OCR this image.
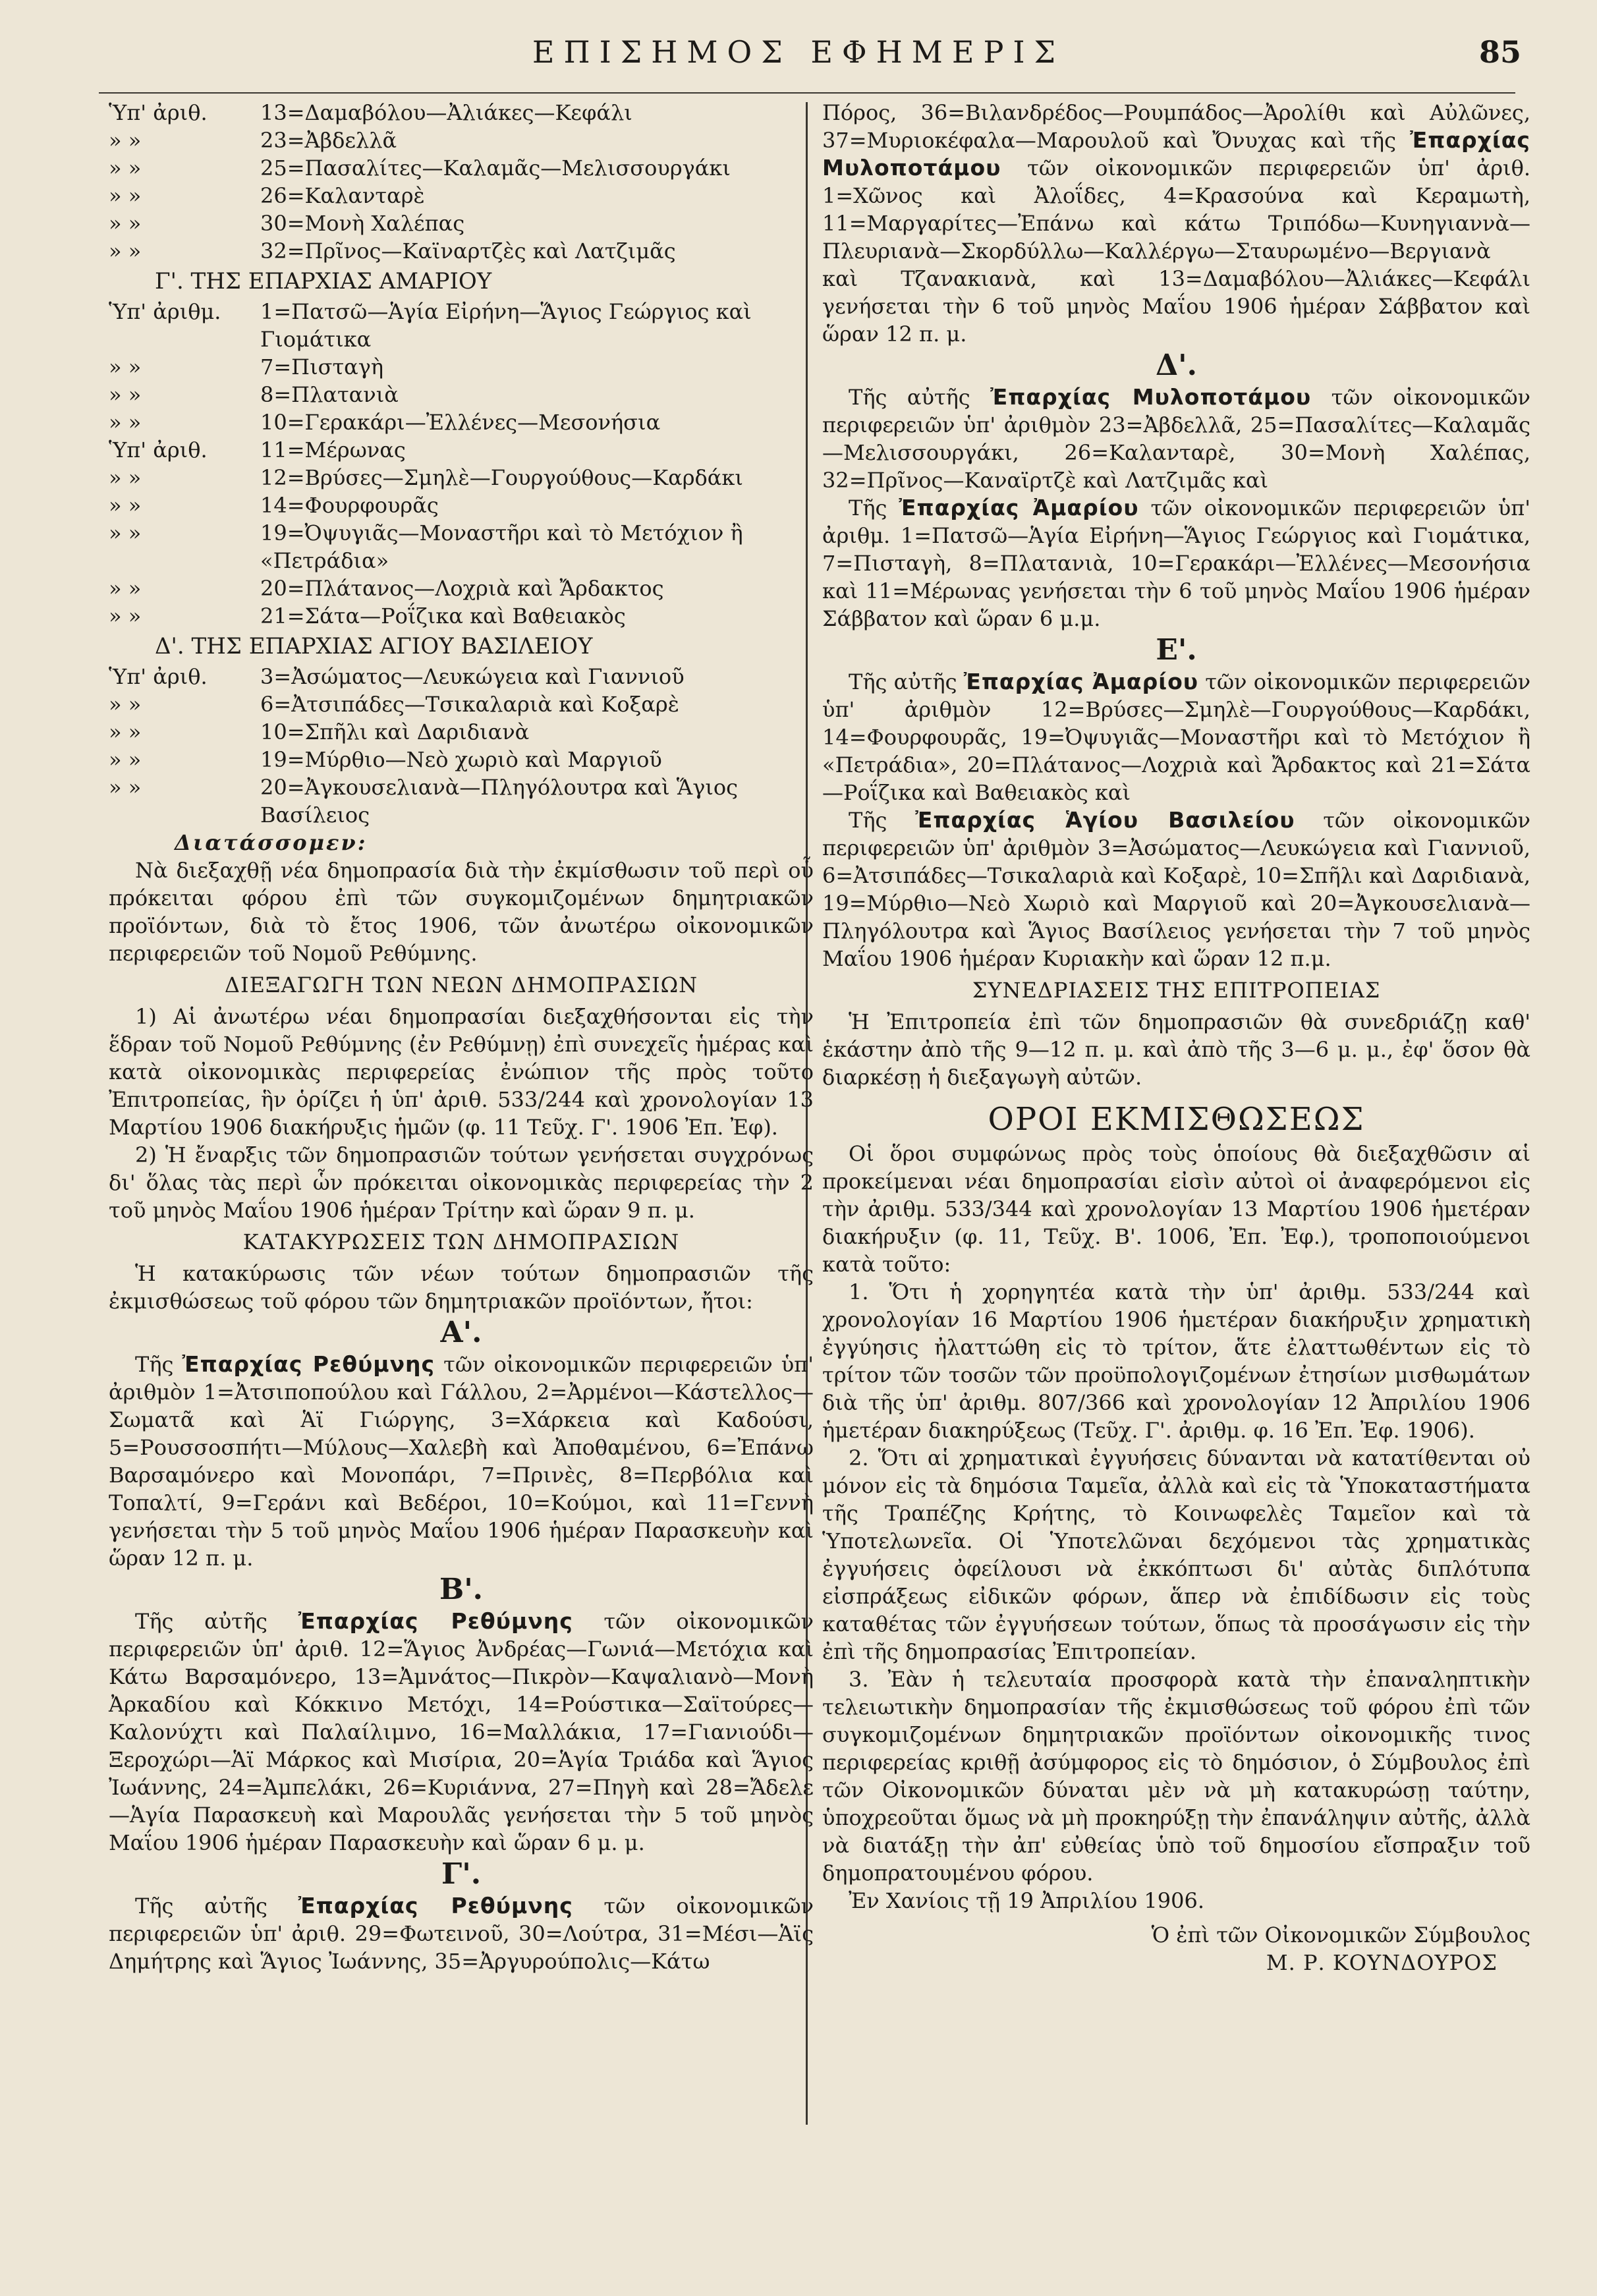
ΕΠΙΣΗΜΟΣ ΕΦΗΜΕΡΙΣ	85
Ὑπ' ἀριθ.	13=Δαμαβόλου—Ἀλιάκες—Κεφάλι
» »	23=Ἀβδελλᾶ
» »	25=Πασαλίτες—Καλαμᾶς—Μελισσουργάκι
» »	26=Καλανταρὲ
» »	30=Μονὴ Χαλέπας
» »	32=Πρῖνος—Καϊναρτζὲς καὶ Λατζιμᾶς
Γ'. ΤΗΣ ΕΠΑΡΧΙΑΣ ΑΜΑΡΙΟΥ
Ὑπ' ἀριθμ.	1=Πατσῶ—Ἁγία Εἰρήνη—Ἅγιος Γεώργιος καὶ Γιομάτικα
» »	7=Πισταγὴ
» »	8=Πλατανιὰ
» »	10=Γερακάρι—Ἐλλένες—Μεσονήσια
Ὑπ' ἀριθ.	11=Μέρωνας
» »	12=Βρύσες—Σμηλὲ—Γουργούθους—Καρδάκι
» »	14=Φουρφουρᾶς
» »	19=Ὀψυγιᾶς—Μοναστῆρι καὶ τὸ Μετόχιον ἢ «Πετράδια»
» »	20=Πλάτανος—Λοχριὰ καὶ Ἄρδακτος
» »	21=Σάτα—Ροΐζικα καὶ Βαθειακὸς
Δ'. ΤΗΣ ΕΠΑΡΧΙΑΣ ΑΓΙΟΥ ΒΑΣΙΛΕΙΟΥ
Ὑπ' ἀριθ.	3=Ἀσώματος—Λευκώγεια καὶ Γιαννιοῦ
» »	6=Ἀτσιπάδες—Τσικαλαριὰ καὶ Κοξαρὲ
» »	10=Σπῆλι καὶ Δαριδιανὰ
» »	19=Μύρθιο—Νεὸ χωριὸ καὶ Μαργιοῦ
» »	20=Ἀγκουσελιανὰ—Πληγόλουτρα καὶ Ἅγιος Βασίλειος
Διατάσσομεν:

Νὰ διεξαχθῇ νέα δημοπρασία διὰ τὴν ἐκμίσθωσιν τοῦ περὶ οὗ πρόκειται φόρου ἐπὶ τῶν συγκομιζομένων δημητριακῶν προϊόντων, διὰ τὸ ἔτος 1906, τῶν ἀνωτέρω οἰκονομικῶν περιφερειῶν τοῦ Νομοῦ Ρεθύμνης.

ΔΙΕΞΑΓΩΓΗ ΤΩΝ ΝΕΩΝ ΔΗΜΟΠΡΑΣΙΩΝ

1) Αἱ ἀνωτέρω νέαι δημοπρασίαι διεξαχθήσονται εἰς τὴν ἕδραν τοῦ Νομοῦ Ρεθύμνης (ἐν Ρεθύμνῃ) ἐπὶ συνεχεῖς ἡμέρας καὶ κατὰ οἰκονομικὰς περιφερείας ἐνώπιον τῆς πρὸς τοῦτο Ἐπιτροπείας, ἣν ὁρίζει ἡ ὑπ' ἀριθ. 533/244 καὶ χρονολογίαν 13 Μαρτίου 1906 διακήρυξις ἡμῶν (φ. 11 Τεῦχ. Γ'. 1906 Ἐπ. Ἐφ).

2) Ἡ ἔναρξις τῶν δημοπρασιῶν τούτων γενήσεται συγχρόνως δι' ὅλας τὰς περὶ ὧν πρόκειται οἰκονομικὰς περιφερείας τὴν 2 τοῦ μηνὸς Μαΐου 1906 ἡμέραν Τρίτην καὶ ὥραν 9 π. μ.

ΚΑΤΑΚΥΡΩΣΕΙΣ ΤΩΝ ΔΗΜΟΠΡΑΣΙΩΝ

Ἡ κατακύρωσις τῶν νέων τούτων δημοπρασιῶν τῆς ἐκμισθώσεως τοῦ φόρου τῶν δημητριακῶν προϊόντων, ἤτοι:

Α'.

Τῆς Ἐπαρχίας Ρεθύμνης τῶν οἰκονομικῶν περιφερειῶν ὑπ' ἀριθμὸν 1=Ἀτσιποπούλου καὶ Γάλλου, 2=Ἀρμένοι—Κάστελλος—Σωματᾶ καὶ Ἁϊ Γιώργης, 3=Χάρκεια καὶ Καδούσι, 5=Ρουσσοσπήτι—Μύλους—Χαλεβὴ καὶ Ἀποθαμένου, 6=Ἐπάνω Βαρσαμόνερο καὶ Μονοπάρι, 7=Πρινὲς, 8=Περβόλια καὶ Τοπαλτί, 9=Γεράνι καὶ Βεδέροι, 10=Κούμοι, καὶ 11=Γεννὴ γενήσεται τὴν 5 τοῦ μηνὸς Μαΐου 1906 ἡμέραν Παρασκευὴν καὶ ὥραν 12 π. μ.

Β'.

Τῆς αὐτῆς Ἐπαρχίας Ρεθύμνης τῶν οἰκονομικῶν περιφερειῶν ὑπ' ἀριθ. 12=Ἅγιος Ἀνδρέας—Γωνιά—Μετόχια καὶ Κάτω Βαρσαμόνερο, 13=Ἀμνάτος—Πικρὸν—Καψαλιανὸ—Μονὴ Ἀρκαδίου καὶ Κόκκινο Μετόχι, 14=Ρούστικα—Σαϊτούρες—Καλονύχτι καὶ Παλαίλιμνο, 16=Μαλλάκια, 17=Γιανιούδι—Ξεροχώρι—Ἁϊ Μάρκος καὶ Μισίρια, 20=Ἁγία Τριάδα καὶ Ἅγιος Ἰωάννης, 24=Ἀμπελάκι, 26=Κυριάννα, 27=Πηγὴ καὶ 28=Ἄδελε—Ἁγία Παρασκευὴ καὶ Μαρουλᾶς γενήσεται τὴν 5 τοῦ μηνὸς Μαΐου 1906 ἡμέραν Παρασκευὴν καὶ ὥραν 6 μ. μ.

Γ'.

Τῆς αὐτῆς Ἐπαρχίας Ρεθύμνης τῶν οἰκονομικῶν περιφερειῶν ὑπ' ἀριθ. 29=Φωτεινοῦ, 30=Λούτρα, 31=Μέσι—Ἁϊς Δημήτρης καὶ Ἅγιος Ἰωάννης, 35=Ἀργυρούπολις—Κάτω

Πόρος, 36=Βιλανδρέδος—Ρουμπάδος—Ἀρολίθι καὶ Αὐλῶνες, 37=Μυριοκέφαλα—Μαρουλοῦ καὶ Ὄνυχας καὶ τῆς Ἐπαρχίας Μυλοποτάμου τῶν οἰκονομικῶν περιφερειῶν ὑπ' ἀριθ. 1=Χῶνος καὶ Ἀλοΐδες, 4=Κρασούνα καὶ Κεραμωτὴ, 11=Μαργαρίτες—Ἐπάνω καὶ κάτω Τριπόδω—Κυνηγιαννὰ—Πλευριανὰ—Σκορδύλλω—Καλλέργω—Σταυρωμένο—Βεργιανὰ καὶ Τζανακιανὰ, καὶ 13=Δαμαβόλου—Ἀλιάκες—Κεφάλι γενήσεται τὴν 6 τοῦ μηνὸς Μαΐου 1906 ἡμέραν Σάββατον καὶ ὥραν 12 π. μ.

Δ'.

Τῆς αὐτῆς Ἐπαρχίας Μυλοποτάμου τῶν οἰκονομικῶν περιφερειῶν ὑπ' ἀριθμὸν 23=Ἀβδελλᾶ, 25=Πασαλίτες—Καλαμᾶς—Μελισσουργάκι, 26=Καλανταρὲ, 30=Μονὴ Χαλέπας, 32=Πρῖνος—Καναϊρτζὲ καὶ Λατζιμᾶς καὶ

Τῆς Ἐπαρχίας Ἀμαρίου τῶν οἰκονομικῶν περιφερειῶν ὑπ' ἀριθμ. 1=Πατσῶ—Ἁγία Εἰρήνη—Ἅγιος Γεώργιος καὶ Γιομάτικα, 7=Πισταγὴ, 8=Πλατανιὰ, 10=Γερακάρι—Ἐλλένες—Μεσονήσια καὶ 11=Μέρωνας γενήσεται τὴν 6 τοῦ μηνὸς Μαΐου 1906 ἡμέραν Σάββατον καὶ ὥραν 6 μ.μ.

Ε'.

Τῆς αὐτῆς Ἐπαρχίας Ἀμαρίου τῶν οἰκονομικῶν περιφερειῶν ὑπ' ἀριθμὸν 12=Βρύσες—Σμηλὲ—Γουργούθους—Καρδάκι, 14=Φουρφουρᾶς, 19=Ὀψυγιᾶς—Μοναστῆρι καὶ τὸ Μετόχιον ἢ «Πετράδια», 20=Πλάτανος—Λοχριὰ καὶ Ἄρδακτος καὶ 21=Σάτα—Ροΐζικα καὶ Βαθειακὸς καὶ

Τῆς Ἐπαρχίας Ἁγίου Βασιλείου τῶν οἰκονομικῶν περιφερειῶν ὑπ' ἀριθμὸν 3=Ἀσώματος—Λευκώγεια καὶ Γιαννιοῦ, 6=Ἀτσιπάδες—Τσικαλαριὰ καὶ Κοξαρὲ, 10=Σπῆλι καὶ Δαριδιανὰ, 19=Μύρθιο—Νεὸ Χωριὸ καὶ Μαργιοῦ καὶ 20=Ἀγκουσελιανὰ—Πληγόλουτρα καὶ Ἅγιος Βασίλειος γενήσεται τὴν 7 τοῦ μηνὸς Μαΐου 1906 ἡμέραν Κυριακὴν καὶ ὥραν 12 π.μ.

ΣΥΝΕΔΡΙΑΣΕΙΣ ΤΗΣ ΕΠΙΤΡΟΠΕΙΑΣ

Ἡ Ἐπιτροπεία ἐπὶ τῶν δημοπρασιῶν θὰ συνεδριάζῃ καθ' ἑκάστην ἀπὸ τῆς 9—12 π. μ. καὶ ἀπὸ τῆς 3—6 μ. μ., ἐφ' ὅσον θὰ διαρκέσῃ ἡ διεξαγωγὴ αὐτῶν.

ΟΡΟΙ ΕΚΜΙΣΘΩΣΕΩΣ

Οἱ ὅροι συμφώνως πρὸς τοὺς ὁποίους θὰ διεξαχθῶσιν αἱ προκείμεναι νέαι δημοπρασίαι εἰσὶν αὐτοὶ οἱ ἀναφερόμενοι εἰς τὴν ἀριθμ. 533/344 καὶ χρονολογίαν 13 Μαρτίου 1906 ἡμετέραν διακήρυξιν (φ. 11, Τεῦχ. Β'. 1006, Ἐπ. Ἐφ.), τροποποιούμενοι κατὰ τοῦτο:

1. Ὅτι ἡ χορηγητέα κατὰ τὴν ὑπ' ἀριθμ. 533/244 καὶ χρονολογίαν 16 Μαρτίου 1906 ἡμετέραν διακήρυξιν χρηματικὴ ἐγγύησις ἠλαττώθη εἰς τὸ τρίτον, ἅτε ἐλαττωθέντων εἰς τὸ τρίτον τῶν τοσῶν τῶν προϋπολογιζομένων ἐτησίων μισθωμάτων διὰ τῆς ὑπ' ἀριθμ. 807/366 καὶ χρονολογίαν 12 Ἀπριλίου 1906 ἡμετέραν διακηρύξεως (Τεῦχ. Γ'. ἀριθμ. φ. 16 Ἐπ. Ἐφ. 1906).

2. Ὅτι αἱ χρηματικαὶ ἐγγυήσεις δύνανται νὰ κατατίθενται οὐ μόνον εἰς τὰ δημόσια Ταμεῖα, ἀλλὰ καὶ εἰς τὰ Ὑποκαταστήματα τῆς Τραπέζης Κρήτης, τὸ Κοινωφελὲς Ταμεῖον καὶ τὰ Ὑποτελωνεῖα. Οἱ Ὑποτελῶναι δεχόμενοι τὰς χρηματικὰς ἐγγυήσεις ὀφείλουσι νὰ ἐκκόπτωσι δι' αὐτὰς διπλότυπα εἰσπράξεως εἰδικῶν φόρων, ἅπερ νὰ ἐπιδίδωσιν εἰς τοὺς καταθέτας τῶν ἐγγυήσεων τούτων, ὅπως τὰ προσάγωσιν εἰς τὴν ἐπὶ τῆς δημοπρασίας Ἐπιτροπείαν.

3. Ἐὰν ἡ τελευταία προσφορὰ κατὰ τὴν ἐπαναληπτικὴν τελειωτικὴν δημοπρασίαν τῆς ἐκμισθώσεως τοῦ φόρου ἐπὶ τῶν συγκομιζομένων δημητριακῶν προϊόντων οἰκονομικῆς τινος περιφερείας κριθῇ ἀσύμφορος εἰς τὸ δημόσιον, ὁ Σύμβουλος ἐπὶ τῶν Οἰκονομικῶν δύναται μὲν νὰ μὴ κατακυρώσῃ ταύτην, ὑποχρεοῦται ὅμως νὰ μὴ προκηρύξῃ τὴν ἐπανάληψιν αὐτῆς, ἀλλὰ νὰ διατάξῃ τὴν ἀπ' εὐθείας ὑπὸ τοῦ δημοσίου εἴσπραξιν τοῦ δημοπρατουμένου φόρου.

Ἐν Χανίοις τῇ 19 Ἀπριλίου 1906.

Ὁ ἐπὶ τῶν Οἰκονομικῶν Σύμβουλος
Μ. Ρ. ΚΟΥΝΔΟΥΡΟΣ
